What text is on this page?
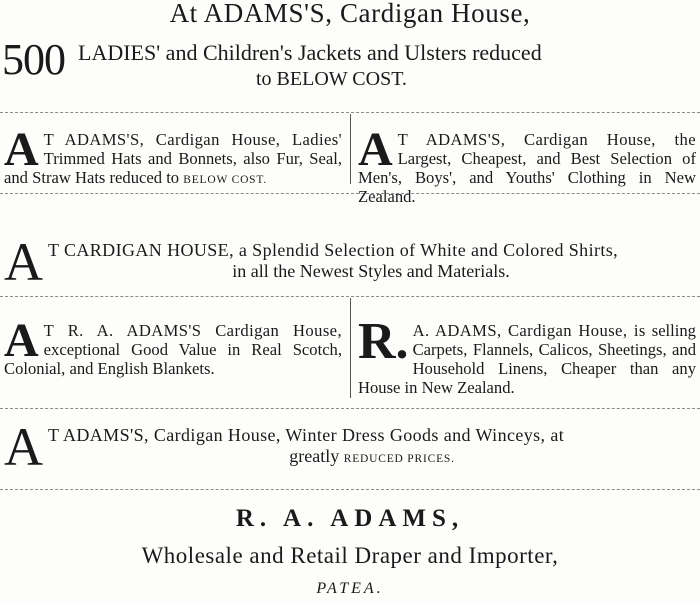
At ADAMS'S, Cardigan House,
500 LADIES' and Children's Jackets and Ulsters reduced
to BELOW COST.
A T ADAMS'S, Cardigan House, Ladies' Trimmed Hats and Bonnets, also Fur, Seal, and Straw Hats reduced to BELOW COST.
A T ADAMS'S, Cardigan House, the Largest, Cheapest, and Best Selection of Men's, Boys', and Youths' Clothing in New Zealand.
A T CARDIGAN HOUSE, a Splendid Selection of White and Colored Shirts,
in all the Newest Styles and Materials.
A T R. A. ADAMS'S Cardigan House, exceptional Good Value in Real Scotch, Colonial, and English Blankets.	R. A. ADAMS, Cardigan House, is selling Carpets, Flannels, Calicos, Sheetings, and Household Linens, Cheaper than any House in New Zealand.
A T ADAMS'S, Cardigan House, Winter Dress Goods and Winceys, at
greatly REDUCED PRICES.
R. A. ADAMS,
Wholesale and Retail Draper and Importer,
PATEA.
